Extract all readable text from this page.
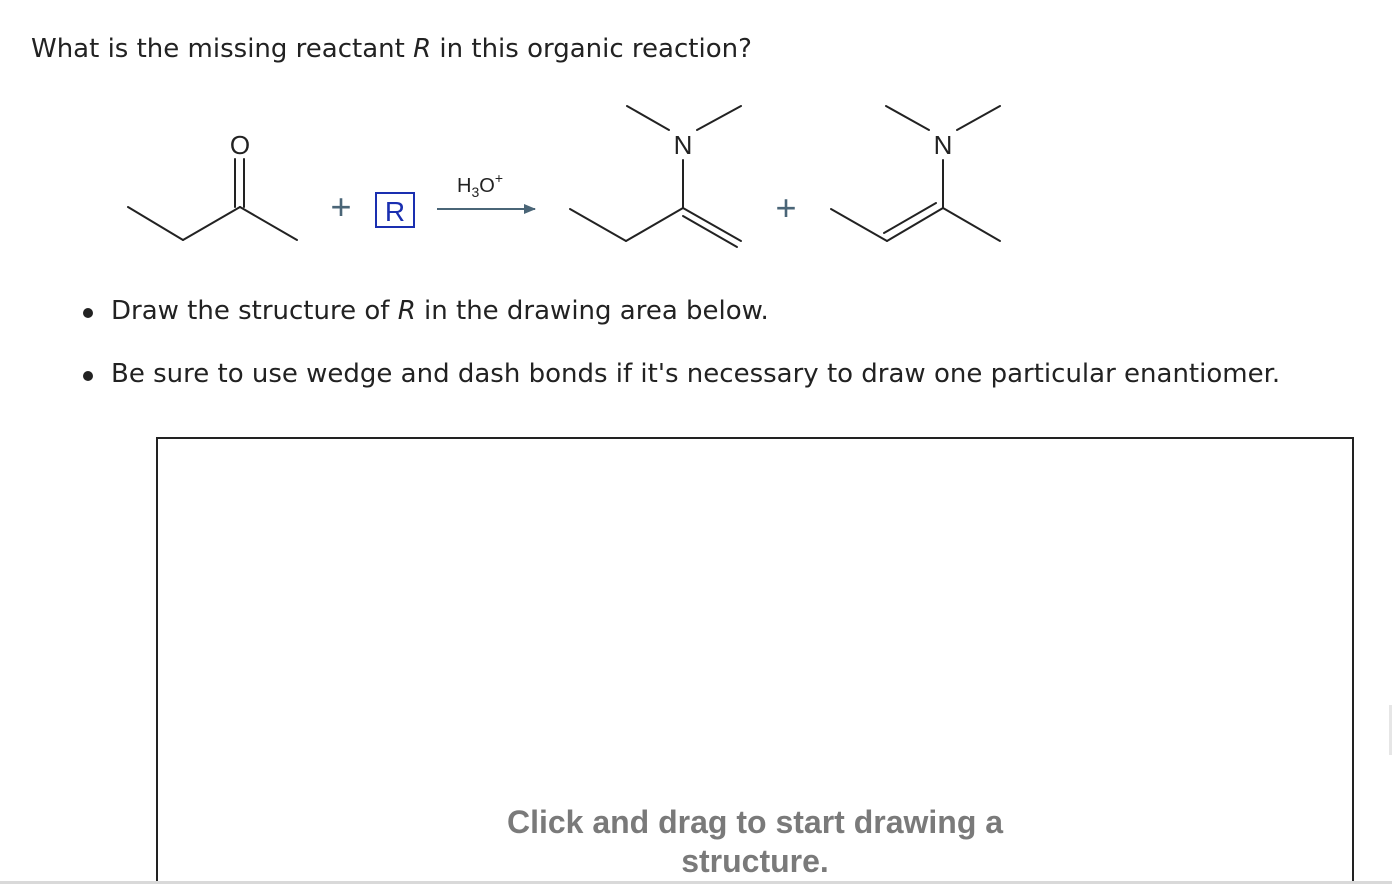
What is the missing reactant R in this organic reaction?
O
+ R
$H_3O^+$
N
+
N
Draw the structure of R in the drawing area below.
Be sure to use wedge and dash bonds if it's necessary to draw one particular enantiomer.
Click and drag to start drawing a
structure.
